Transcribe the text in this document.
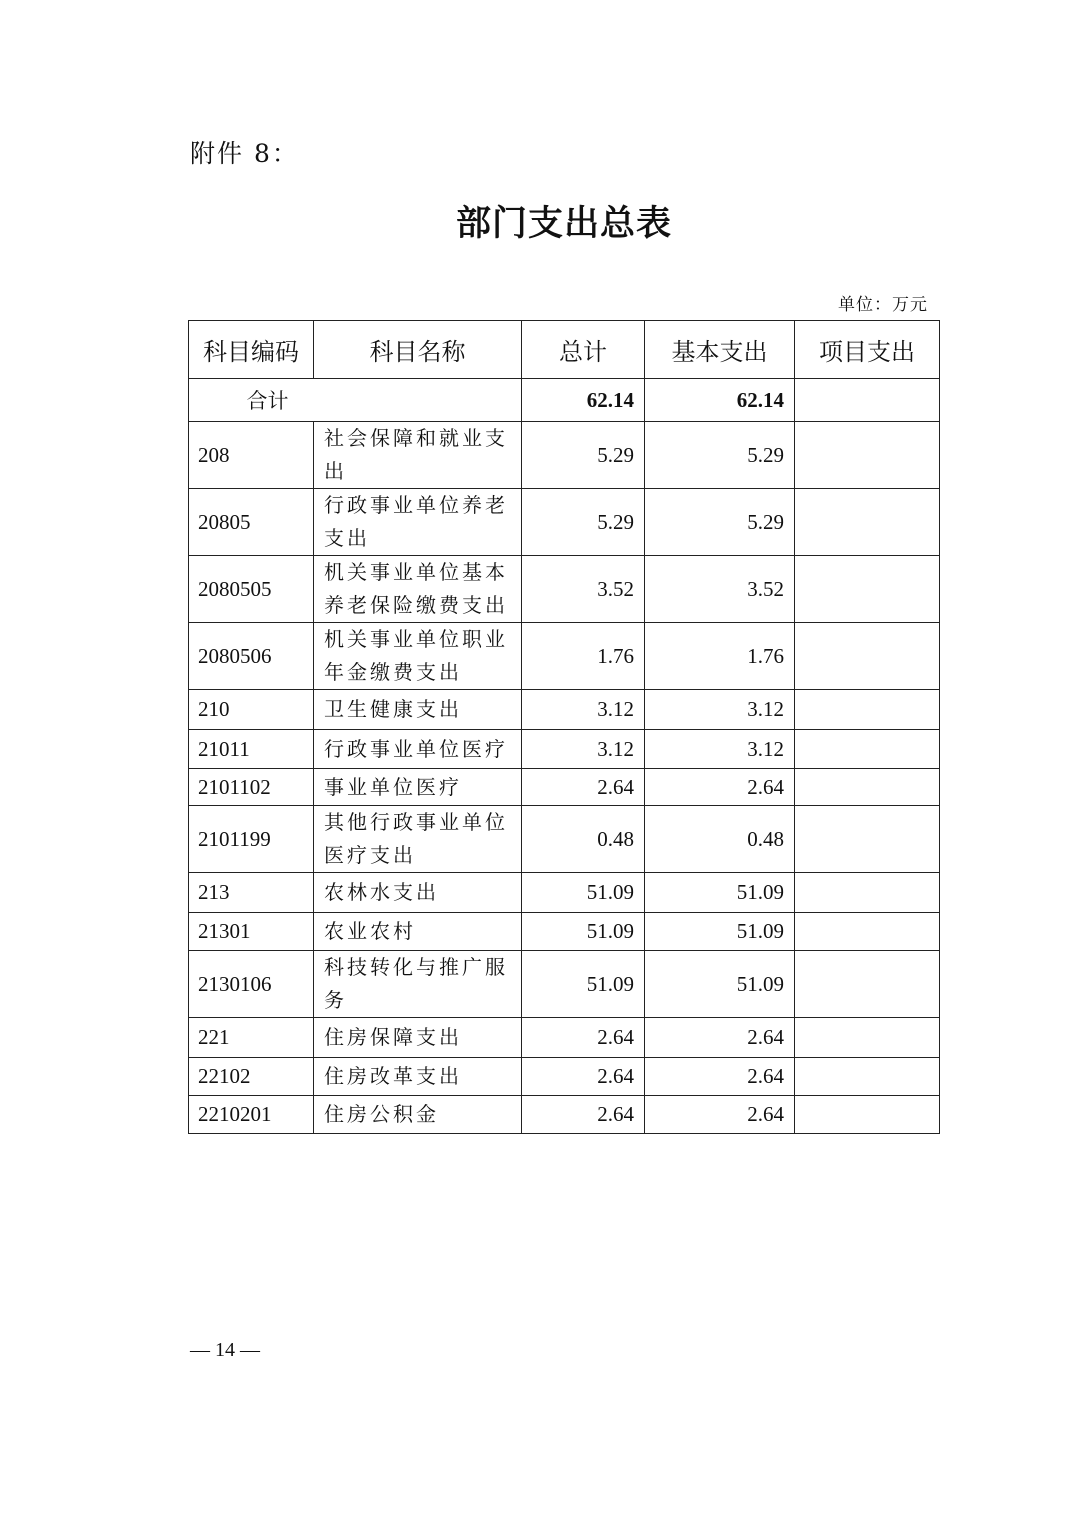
附件 8：
部门支出总表
单位：万元
科目编码	科目名称	总计	基本支出	项目支出
合计		62.14	62.14	
208	社会保障和就业支出	5.29	5.29	
20805	行政事业单位养老支出	5.29	5.29	
2080505	机关事业单位基本养老保险缴费支出	3.52	3.52	
2080506	机关事业单位职业年金缴费支出	1.76	1.76	
210	卫生健康支出	3.12	3.12	
21011	行政事业单位医疗	3.12	3.12	
2101102	事业单位医疗	2.64	2.64	
2101199	其他行政事业单位医疗支出	0.48	0.48	
213	农林水支出	51.09	51.09	
21301	农业农村	51.09	51.09	
2130106	科技转化与推广服务	51.09	51.09	
221	住房保障支出	2.64	2.64	
22102	住房改革支出	2.64	2.64	
2210201	住房公积金	2.64	2.64	
— 14 —
